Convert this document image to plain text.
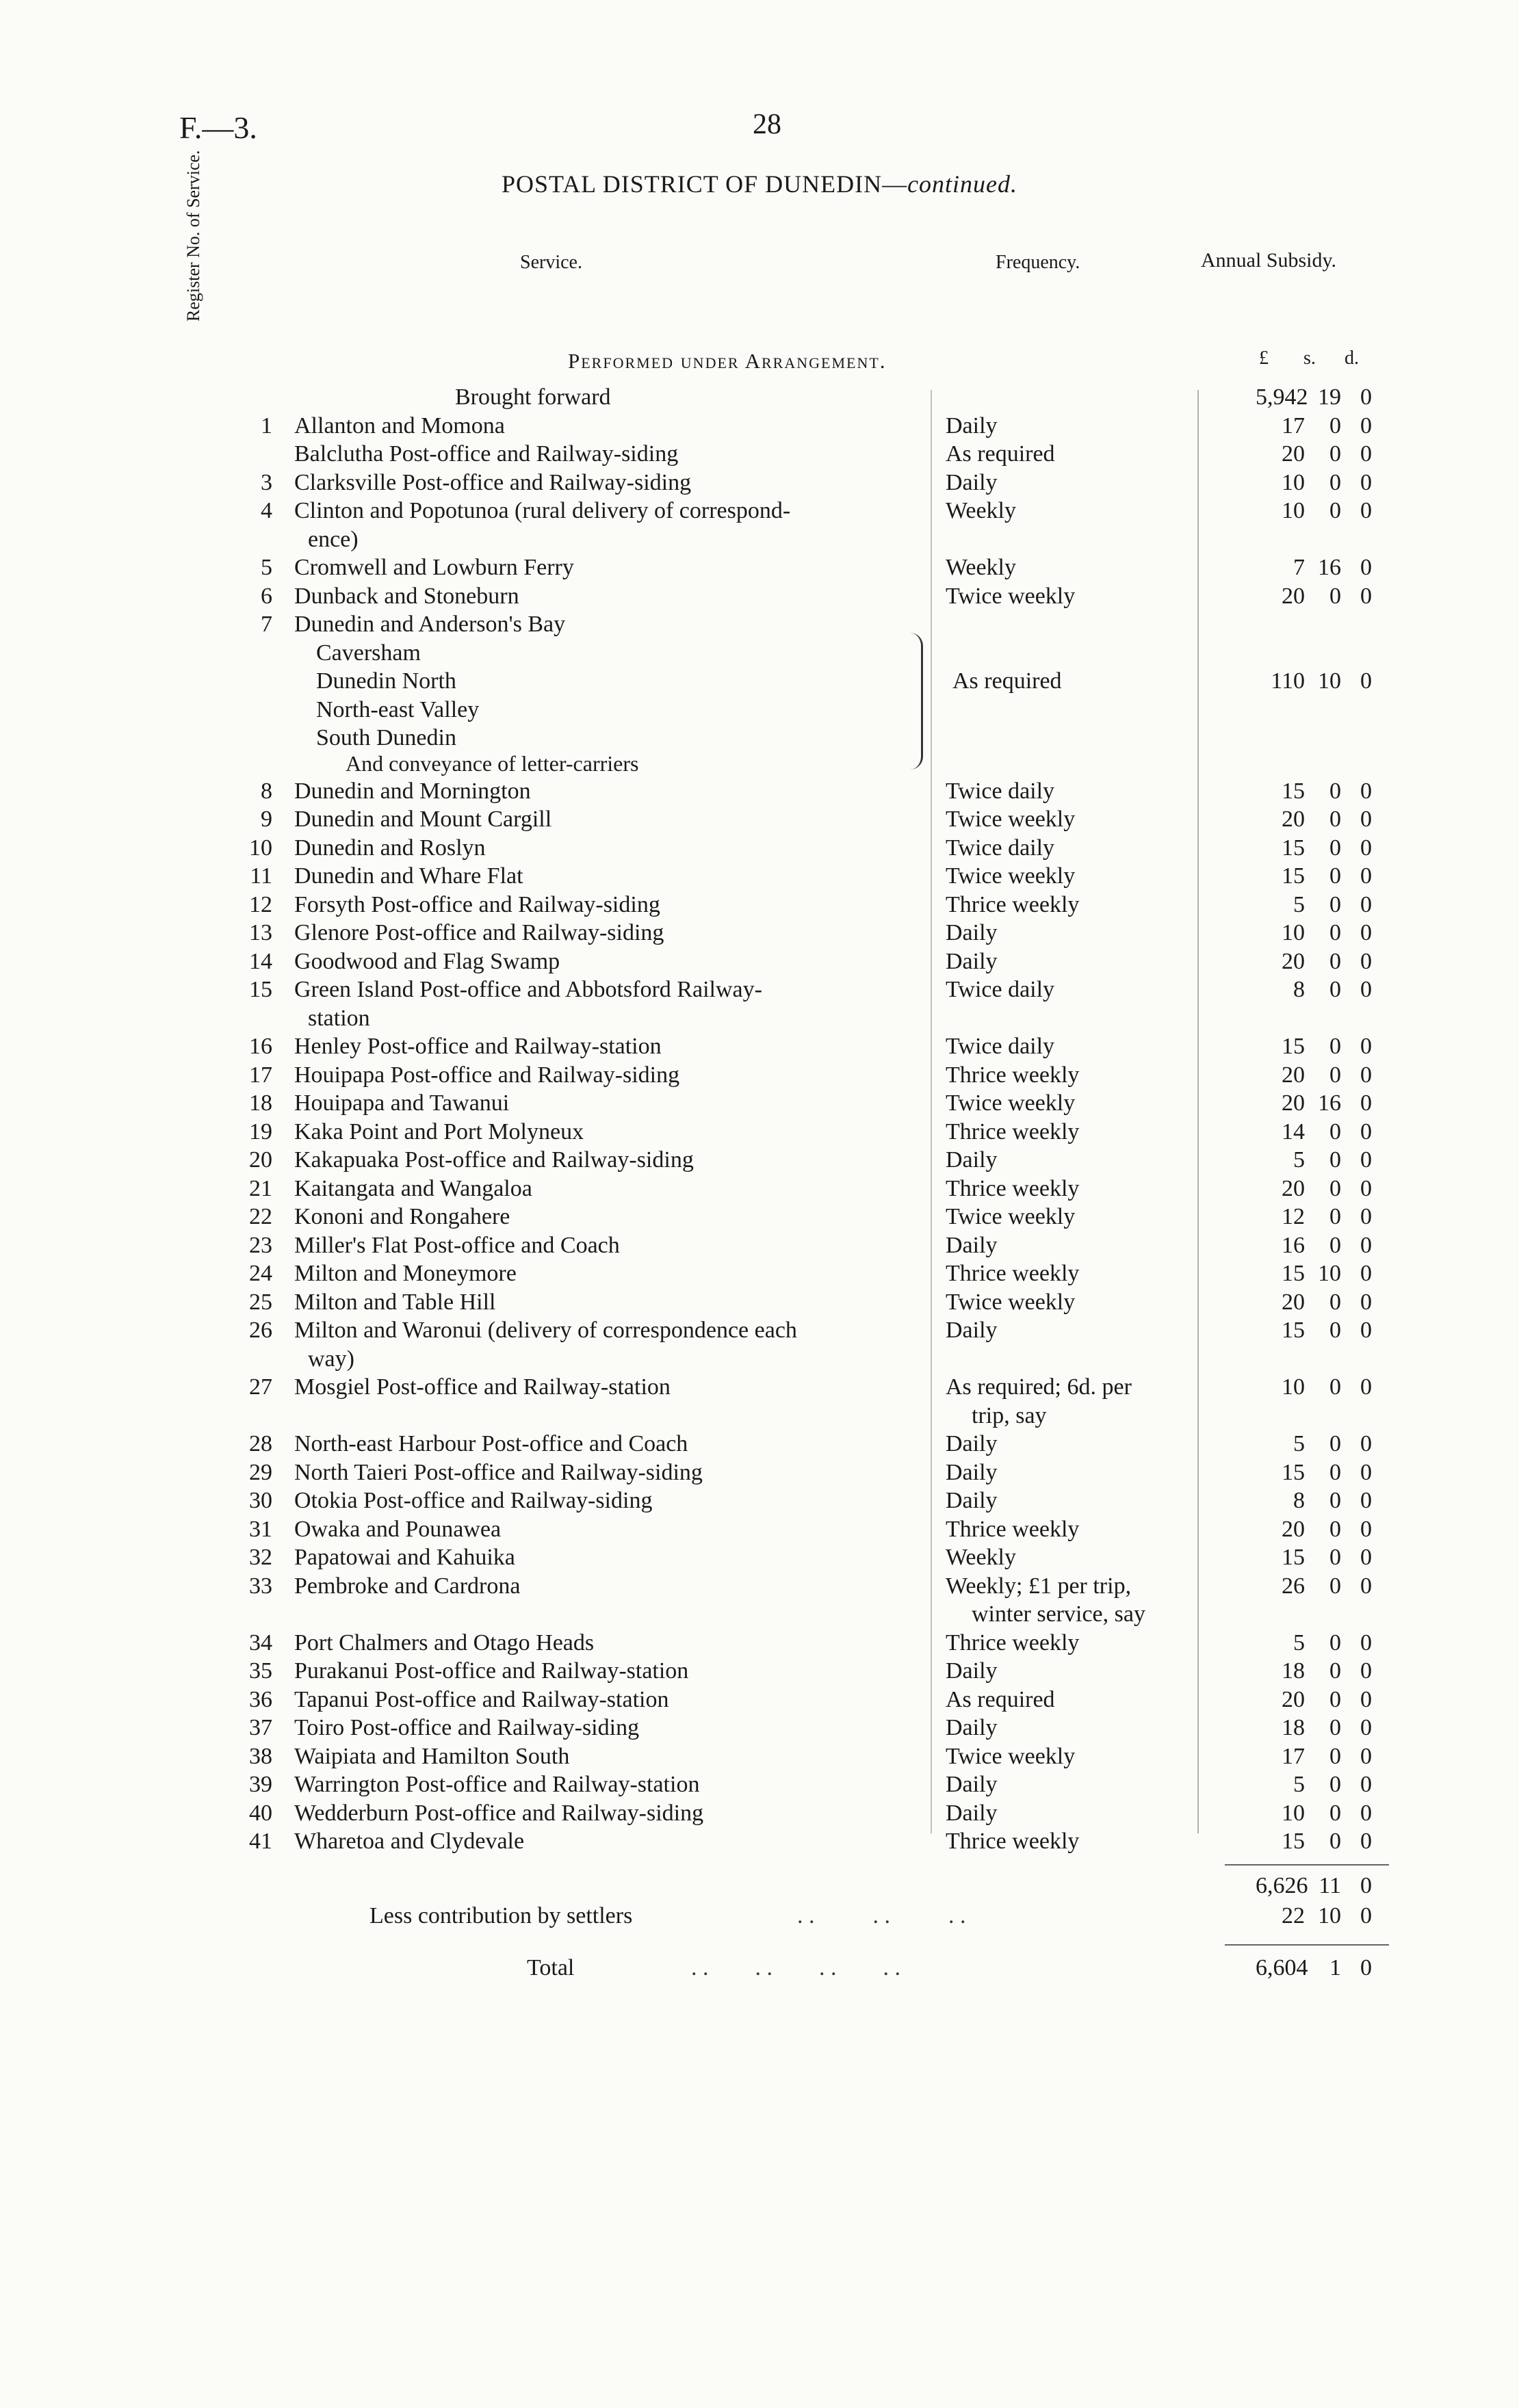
F.—3.	28
POSTAL DISTRICT OF DUNEDIN—continued.
Register No. of Service.	Service.	Frequency.	Annual Subsidy.
Performed under Arrangement.	£ s. d.
Brought forward	5,942 19 0
1 Allanton and Momona	Daily	17	0 0
Balclutha Post-office and Railway-siding	As required	20	0 0
3 Clarksville Post-office and Railway-siding	Daily	10	0 0
4 Clinton and Popotunoa (rural delivery of correspond-	Weekly	10	0 0
ence)
5 Cromwell and Lowburn Ferry	Weekly	7 16 0
6 Dunback and Stoneburn	Twice weekly	20	0 0
7 Dunedin and Anderson's Bay
Caversham
Dunedin North	As required	110 10 0
North-east Valley
South Dunedin
And conveyance of letter-carriers
8 Dunedin and Mornington	Twice daily	15	0 0
9 Dunedin and Mount Cargill	Twice weekly	20	0 0
10 Dunedin and Roslyn	Twice daily	15	0 0
11 Dunedin and Whare Flat	Twice weekly	15	0 0
12 Forsyth Post-office and Railway-siding	Thrice weekly	5	0 0
13 Glenore Post-office and Railway-siding	Daily	10	0 0
14 Goodwood and Flag Swamp	Daily	20	0 0
15 Green Island Post-office and Abbotsford Railway-	Twice daily	8	0 0
station
16 Henley Post-office and Railway-station	Twice daily	15	0 0
17 Houipapa Post-office and Railway-siding	Thrice weekly	20	0 0
18 Houipapa and Tawanui	Twice weekly	20 16 0
19 Kaka Point and Port Molyneux	Thrice weekly	14	0 0
20 Kakapuaka Post-office and Railway-siding	Daily	5	0 0
21 Kaitangata and Wangaloa	Thrice weekly	20	0 0
22 Kononi and Rongahere	Twice weekly	12	0 0
23 Miller's Flat Post-office and Coach	Daily	16	0 0
24 Milton and Moneymore	Thrice weekly	15 10 0
25 Milton and Table Hill	Twice weekly	20	0 0
26 Milton and Waronui (delivery of correspondence each	Daily	15	0 0
way)
27 Mosgiel Post-office and Railway-station	As required; 6d. per	10	0 0
trip, say
28 North-east Harbour Post-office and Coach	Daily	5	0 0
29 North Taieri Post-office and Railway-siding	Daily	15	0 0
30 Otokia Post-office and Railway-siding	Daily	8	0 0
31 Owaka and Pounawea	Thrice weekly	20	0 0
32 Papatowai and Kahuika	Weekly	15	0 0
33 Pembroke and Cardrona	Weekly; £1 per trip,	26	0 0
winter service, say
34 Port Chalmers and Otago Heads	Thrice weekly	5	0 0
35 Purakanui Post-office and Railway-station	Daily	18	0 0
36 Tapanui Post-office and Railway-station	As required	20	0 0
37 Toiro Post-office and Railway-siding	Daily	18	0 0
38 Waipiata and Hamilton South	Twice weekly	17	0 0
39 Warrington Post-office and Railway-station	Daily	5	0 0
40 Wedderburn Post-office and Railway-siding	Daily	10	0 0
41 Wharetoa and Clydevale	Thrice weekly	15	0 0
6,626 11 0
Less contribution by settlers	. .          . .          . .	22 10 0
Total	. .        . .        . .        . .	6,604 1 0
